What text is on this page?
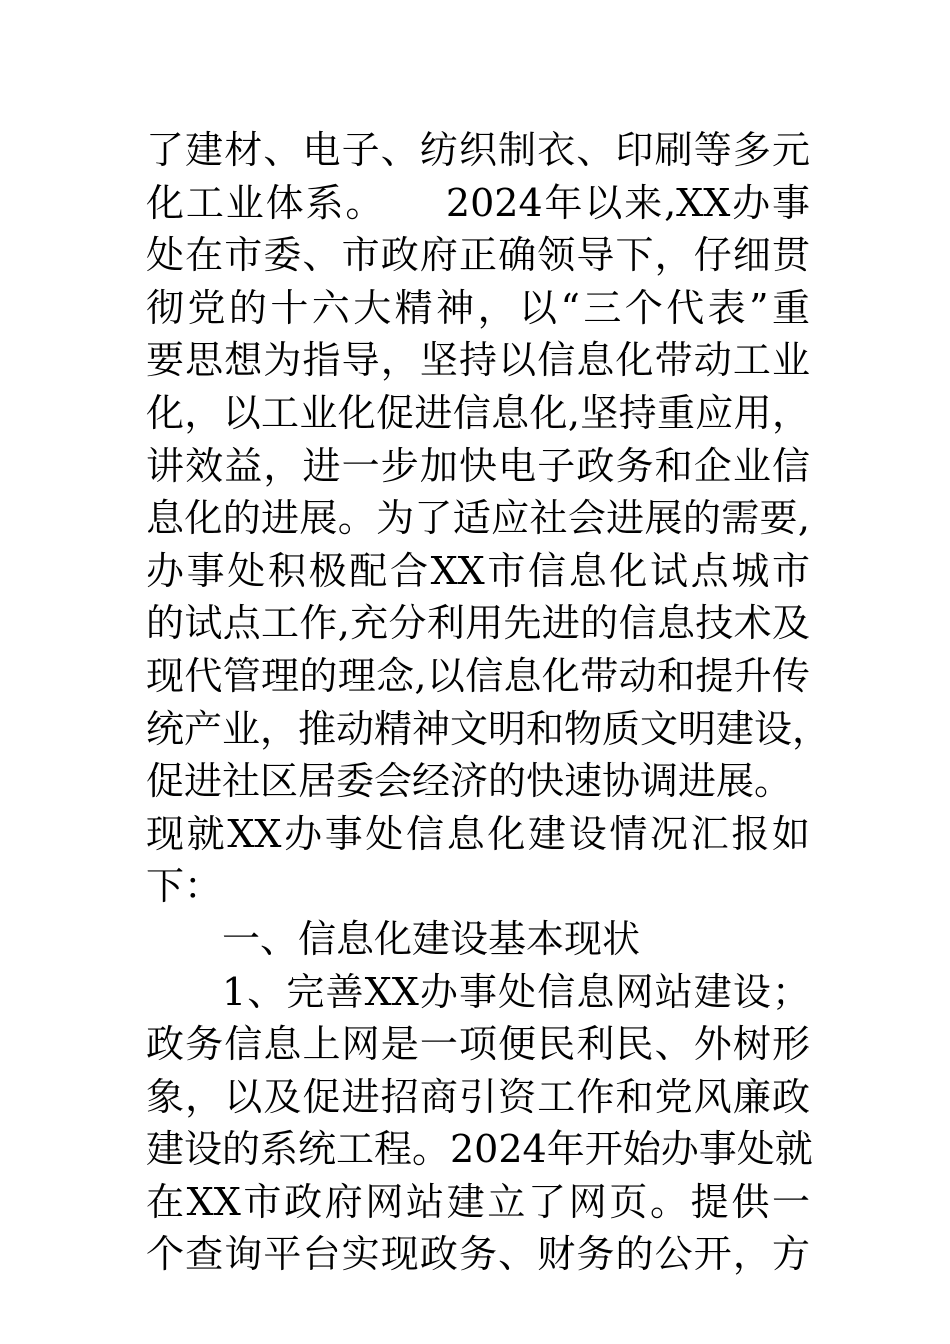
了建材、电子、纺织制衣、印刷等多元
化工业体系。　　2024年以来,XX办事
处在市委、市政府正确领导下，仔细贯
彻党的十六大精神，以“三个代表”重
要思想为指导，坚持以信息化带动工业
化，以工业化促进信息化,坚持重应用，
讲效益，进一步加快电子政务和企业信
息化的进展。为了适应社会进展的需要,
办事处积极配合XX市信息化试点城市
的试点工作,充分利用先进的信息技术及
现代管理的理念,以信息化带动和提升传
统产业，推动精神文明和物质文明建设，
促进社区居委会经济的快速协调进展。
现就XX办事处信息化建设情况汇报如
下：
一、信息化建设基本现状
1、完善XX办事处信息网站建设；
政务信息上网是一项便民利民、外树形
象，以及促进招商引资工作和党风廉政
建设的系统工程。2024年开始办事处就
在XX市政府网站建立了网页。提供一
个查询平台实现政务、财务的公开，方
